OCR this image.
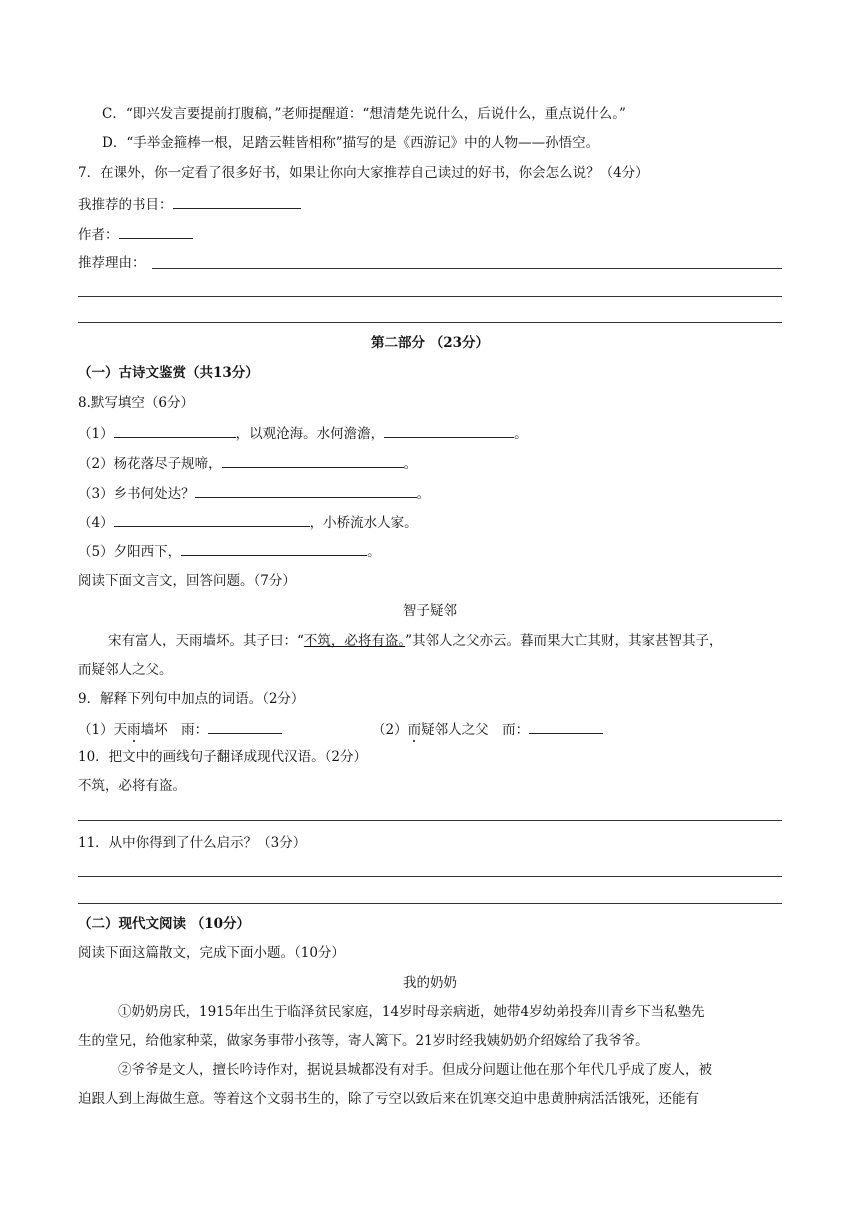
C．“即兴发言要提前打腹稿，”老师提醒道：“想清楚先说什么，后说什么，重点说什么。”
D．“手举金箍棒一根，足踏云鞋皆相称”描写的是《西游记》中的人物——孙悟空。
7．在课外，你一定看了很多好书，如果让你向大家推荐自己读过的好书，你会怎么说？（4分）
我推荐的书目：
作者：
推荐理由：
第二部分 （23分）
（一）古诗文鉴赏（共13分）
8.默写填空（6分）
（1）	，以观沧海。水何澹澹，	。
（2）杨花落尽子规啼，	。
（3）乡书何处达？	。
（4）	，小桥流水人家。
（5）夕阳西下，	。
阅读下面文言文，回答问题。（7分）
智子疑邻
宋有富人，天雨墙坏。其子曰：“不筑，必将有盗。”其邻人之父亦云。暮而果大亡其财，其家甚智其子，
而疑邻人之父。
9．解释下列句中加点的词语。（2分）
（1）天雨墙坏　雨：	（2）而疑邻人之父　而：
10．把文中的画线句子翻译成现代汉语。（2分）
不筑，必将有盗。
11．从中你得到了什么启示？（3分）
（二）现代文阅读 （10分）
阅读下面这篇散文，完成下面小题。（10分）
我的奶奶
①奶奶房氏，1915年出生于临泽贫民家庭，14岁时母亲病逝，她带4岁幼弟投奔川青乡下当私塾先
生的堂兄，给他家种菜，做家务事带小孩等，寄人篱下。21岁时经我姨奶奶介绍嫁给了我爷爷。
②爷爷是文人，擅长吟诗作对，据说县城都没有对手。但成分问题让他在那个年代几乎成了废人，被
迫跟人到上海做生意。等着这个文弱书生的，除了亏空以致后来在饥寒交迫中患黄肿病活活饿死，还能有
